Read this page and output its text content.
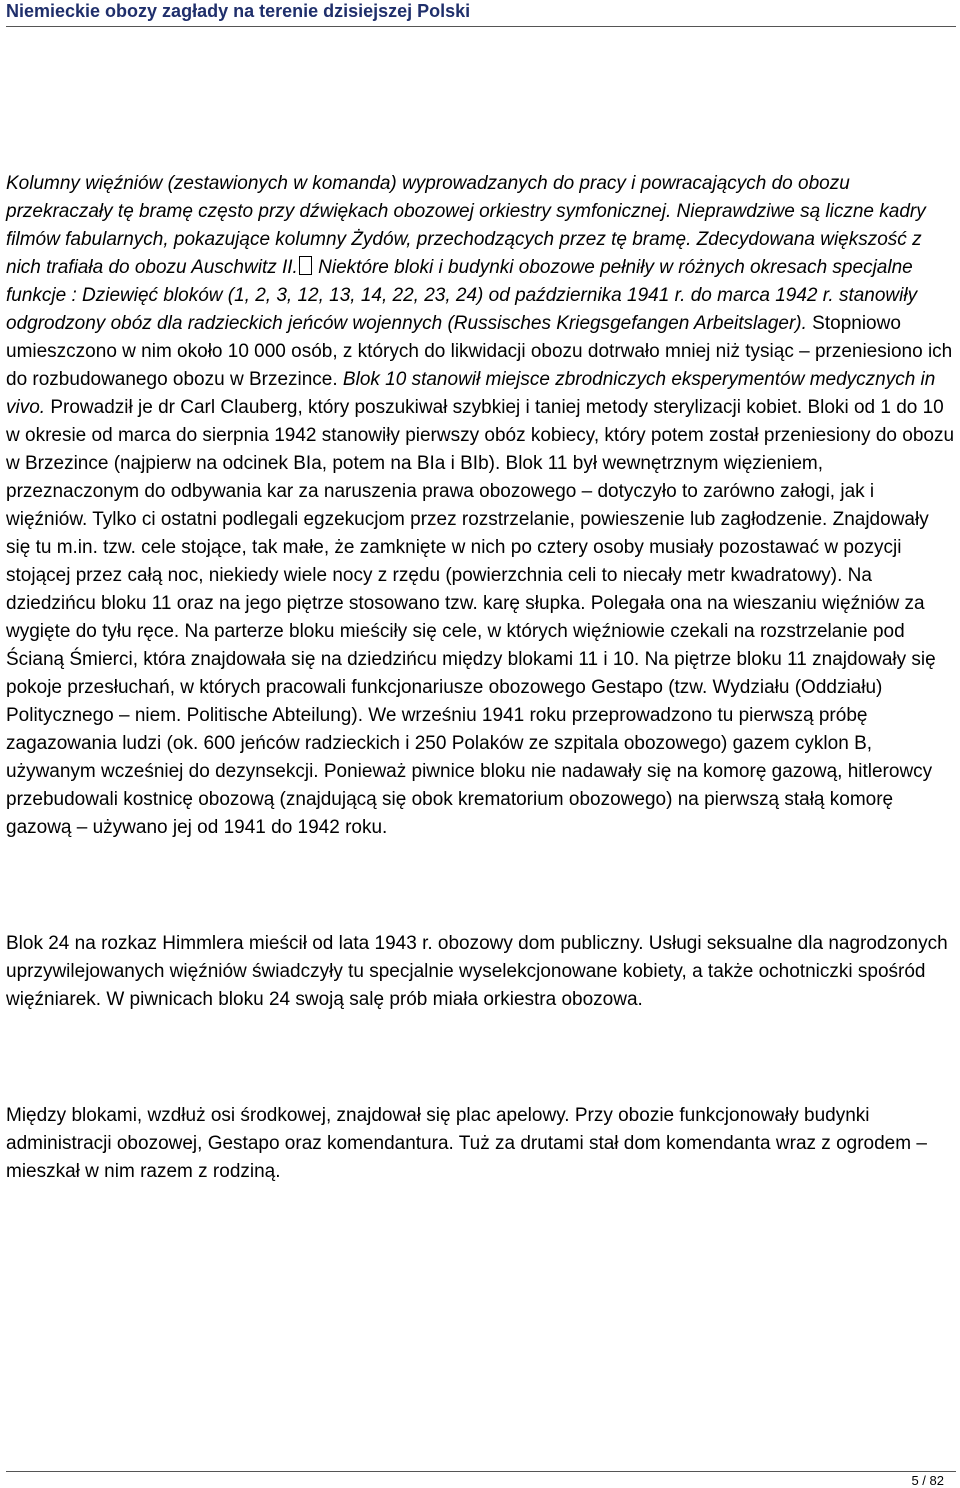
Niemieckie obozy zagłady na terenie dzisiejszej Polski

Kolumny więźniów (zestawionych w komanda) wyprowadzanych do pracy i powracających do obozu przekraczały tę bramę często przy dźwiękach obozowej orkiestry symfonicznej. Nieprawdziwe są liczne kadry filmów fabularnych, pokazujące kolumny Żydów, przechodzących przez tę bramę. Zdecydowana większość z nich trafiała do obozu Auschwitz II. Niektóre bloki i budynki obozowe pełniły w różnych okresach specjalne funkcje : Dziewięć bloków (1, 2, 3, 12, 13, 14, 22, 23, 24) od października 1941 r. do marca 1942 r. stanowiły odgrodzony obóz dla radzieckich jeńców wojennych (Russisches Kriegsgefangen Arbeitslager). Stopniowo umieszczono w nim około 10 000 osób, z których do likwidacji obozu dotrwało mniej niż tysiąc – przeniesiono ich do rozbudowanego obozu w Brzezince. Blok 10 stanowił miejsce zbrodniczych eksperymentów medycznych in vivo. Prowadził je dr Carl Clauberg, który poszukiwał szybkiej i taniej metody sterylizacji kobiet. Bloki od 1 do 10 w okresie od marca do sierpnia 1942 stanowiły pierwszy obóz kobiecy, który potem został przeniesiony do obozu w Brzezince (najpierw na odcinek BIa, potem na BIa i BIb). Blok 11 był wewnętrznym więzieniem, przeznaczonym do odbywania kar za naruszenia prawa obozowego – dotyczyło to zarówno załogi, jak i więźniów. Tylko ci ostatni podlegali egzekucjom przez rozstrzelanie, powieszenie lub zagłodzenie. Znajdowały się tu m.in. tzw. cele stojące, tak małe, że zamknięte w nich po cztery osoby musiały pozostawać w pozycji stojącej przez całą noc, niekiedy wiele nocy z rzędu (powierzchnia celi to niecały metr kwadratowy). Na dziedzińcu bloku 11 oraz na jego piętrze stosowano tzw. karę słupka. Polegała ona na wieszaniu więźniów za wygięte do tyłu ręce. Na parterze bloku mieściły się cele, w których więźniowie czekali na rozstrzelanie pod Ścianą Śmierci, która znajdowała się na dziedzińcu między blokami 11 i 10. Na piętrze bloku 11 znajdowały się pokoje przesłuchań, w których pracowali funkcjonariusze obozowego Gestapo (tzw. Wydziału (Oddziału) Politycznego – niem. Politische Abteilung). We wrześniu 1941 roku przeprowadzono tu pierwszą próbę zagazowania ludzi (ok. 600 jeńców radzieckich i 250 Polaków ze szpitala obozowego) gazem cyklon B, używanym wcześniej do dezynsekcji. Ponieważ piwnice bloku nie nadawały się na komorę gazową, hitlerowcy przebudowali kostnicę obozową (znajdującą się obok krematorium obozowego) na pierwszą stałą komorę gazową – używano jej od 1941 do 1942 roku.

Blok 24 na rozkaz Himmlera mieścił od lata 1943 r. obozowy dom publiczny. Usługi seksualne dla nagrodzonych uprzywilejowanych więźniów świadczyły tu specjalnie wyselekcjonowane kobiety, a także ochotniczki spośród więźniarek. W piwnicach bloku 24 swoją salę prób miała orkiestra obozowa.

Między blokami, wzdłuż osi środkowej, znajdował się plac apelowy. Przy obozie funkcjonowały budynki administracji obozowej, Gestapo oraz komendantura. Tuż za drutami stał dom komendanta wraz z ogrodem – mieszkał w nim razem z rodziną.

5 / 82
